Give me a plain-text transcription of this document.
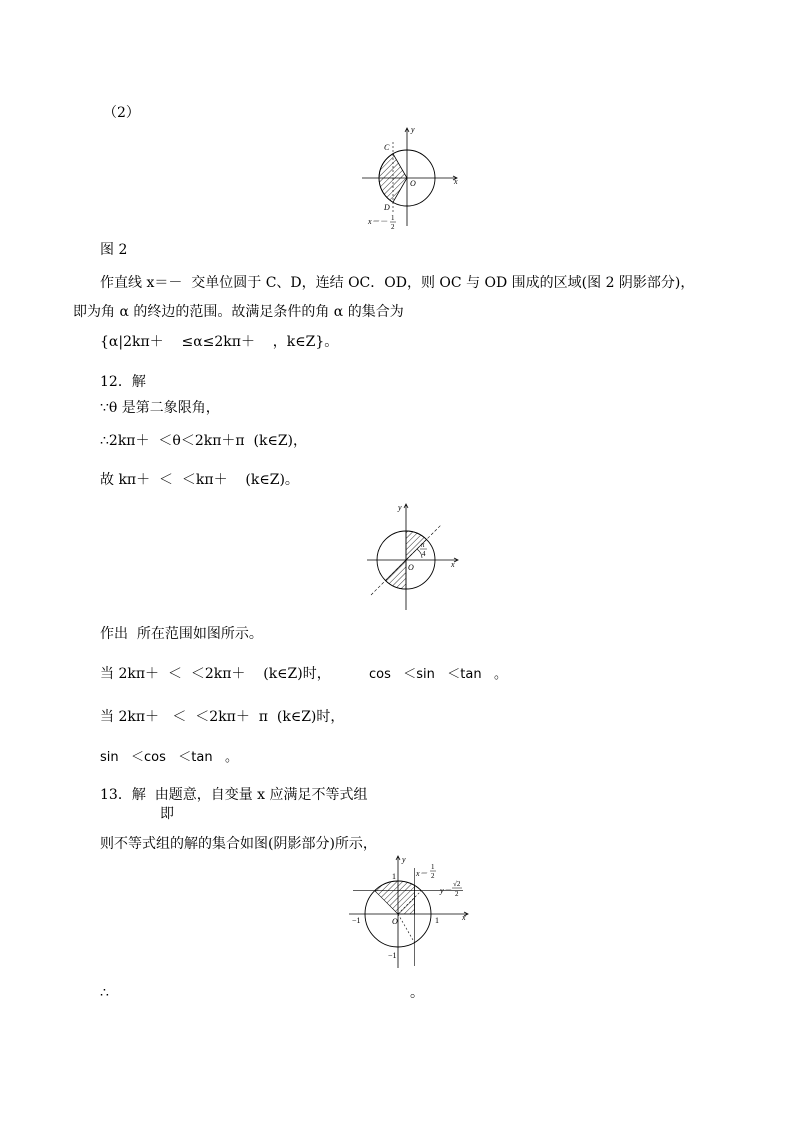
（2）
y
x
C
O
D
x＝－ 1
2
图 2
作直线 x＝－  交单位圆于 C、D，连结 OC．OD，则 OC 与 OD 围成的区域(图 2 阴影部分)，
即为角 α 的终边的范围。故满足条件的角 α 的集合为
{α|2kπ＋    ≤α≤2kπ＋    ，k∈Z}。
12．解
∵θ 是第二象限角，
∴2kπ＋  ＜θ＜2kπ＋π  (k∈Z)，
故 kπ＋  ＜  ＜kπ＋    (k∈Z)。
y
x
O
π
4
作出  所在范围如图所示。
当 2kπ＋  ＜  ＜2kπ＋    (k∈Z)时，	cos   ＜sin   ＜tan   。
当 2kπ＋   ＜  ＜2kπ＋  π  (k∈Z)时，
sin   ＜cos   ＜tan   。
13．解  由题意，自变量 x 应满足不等式组
即
则不等式组的解的集合如图(阴影部分)所示，
y
x
O
1
−1	1
−1
x＝
1
2
y＝
√2
2
∴	。
